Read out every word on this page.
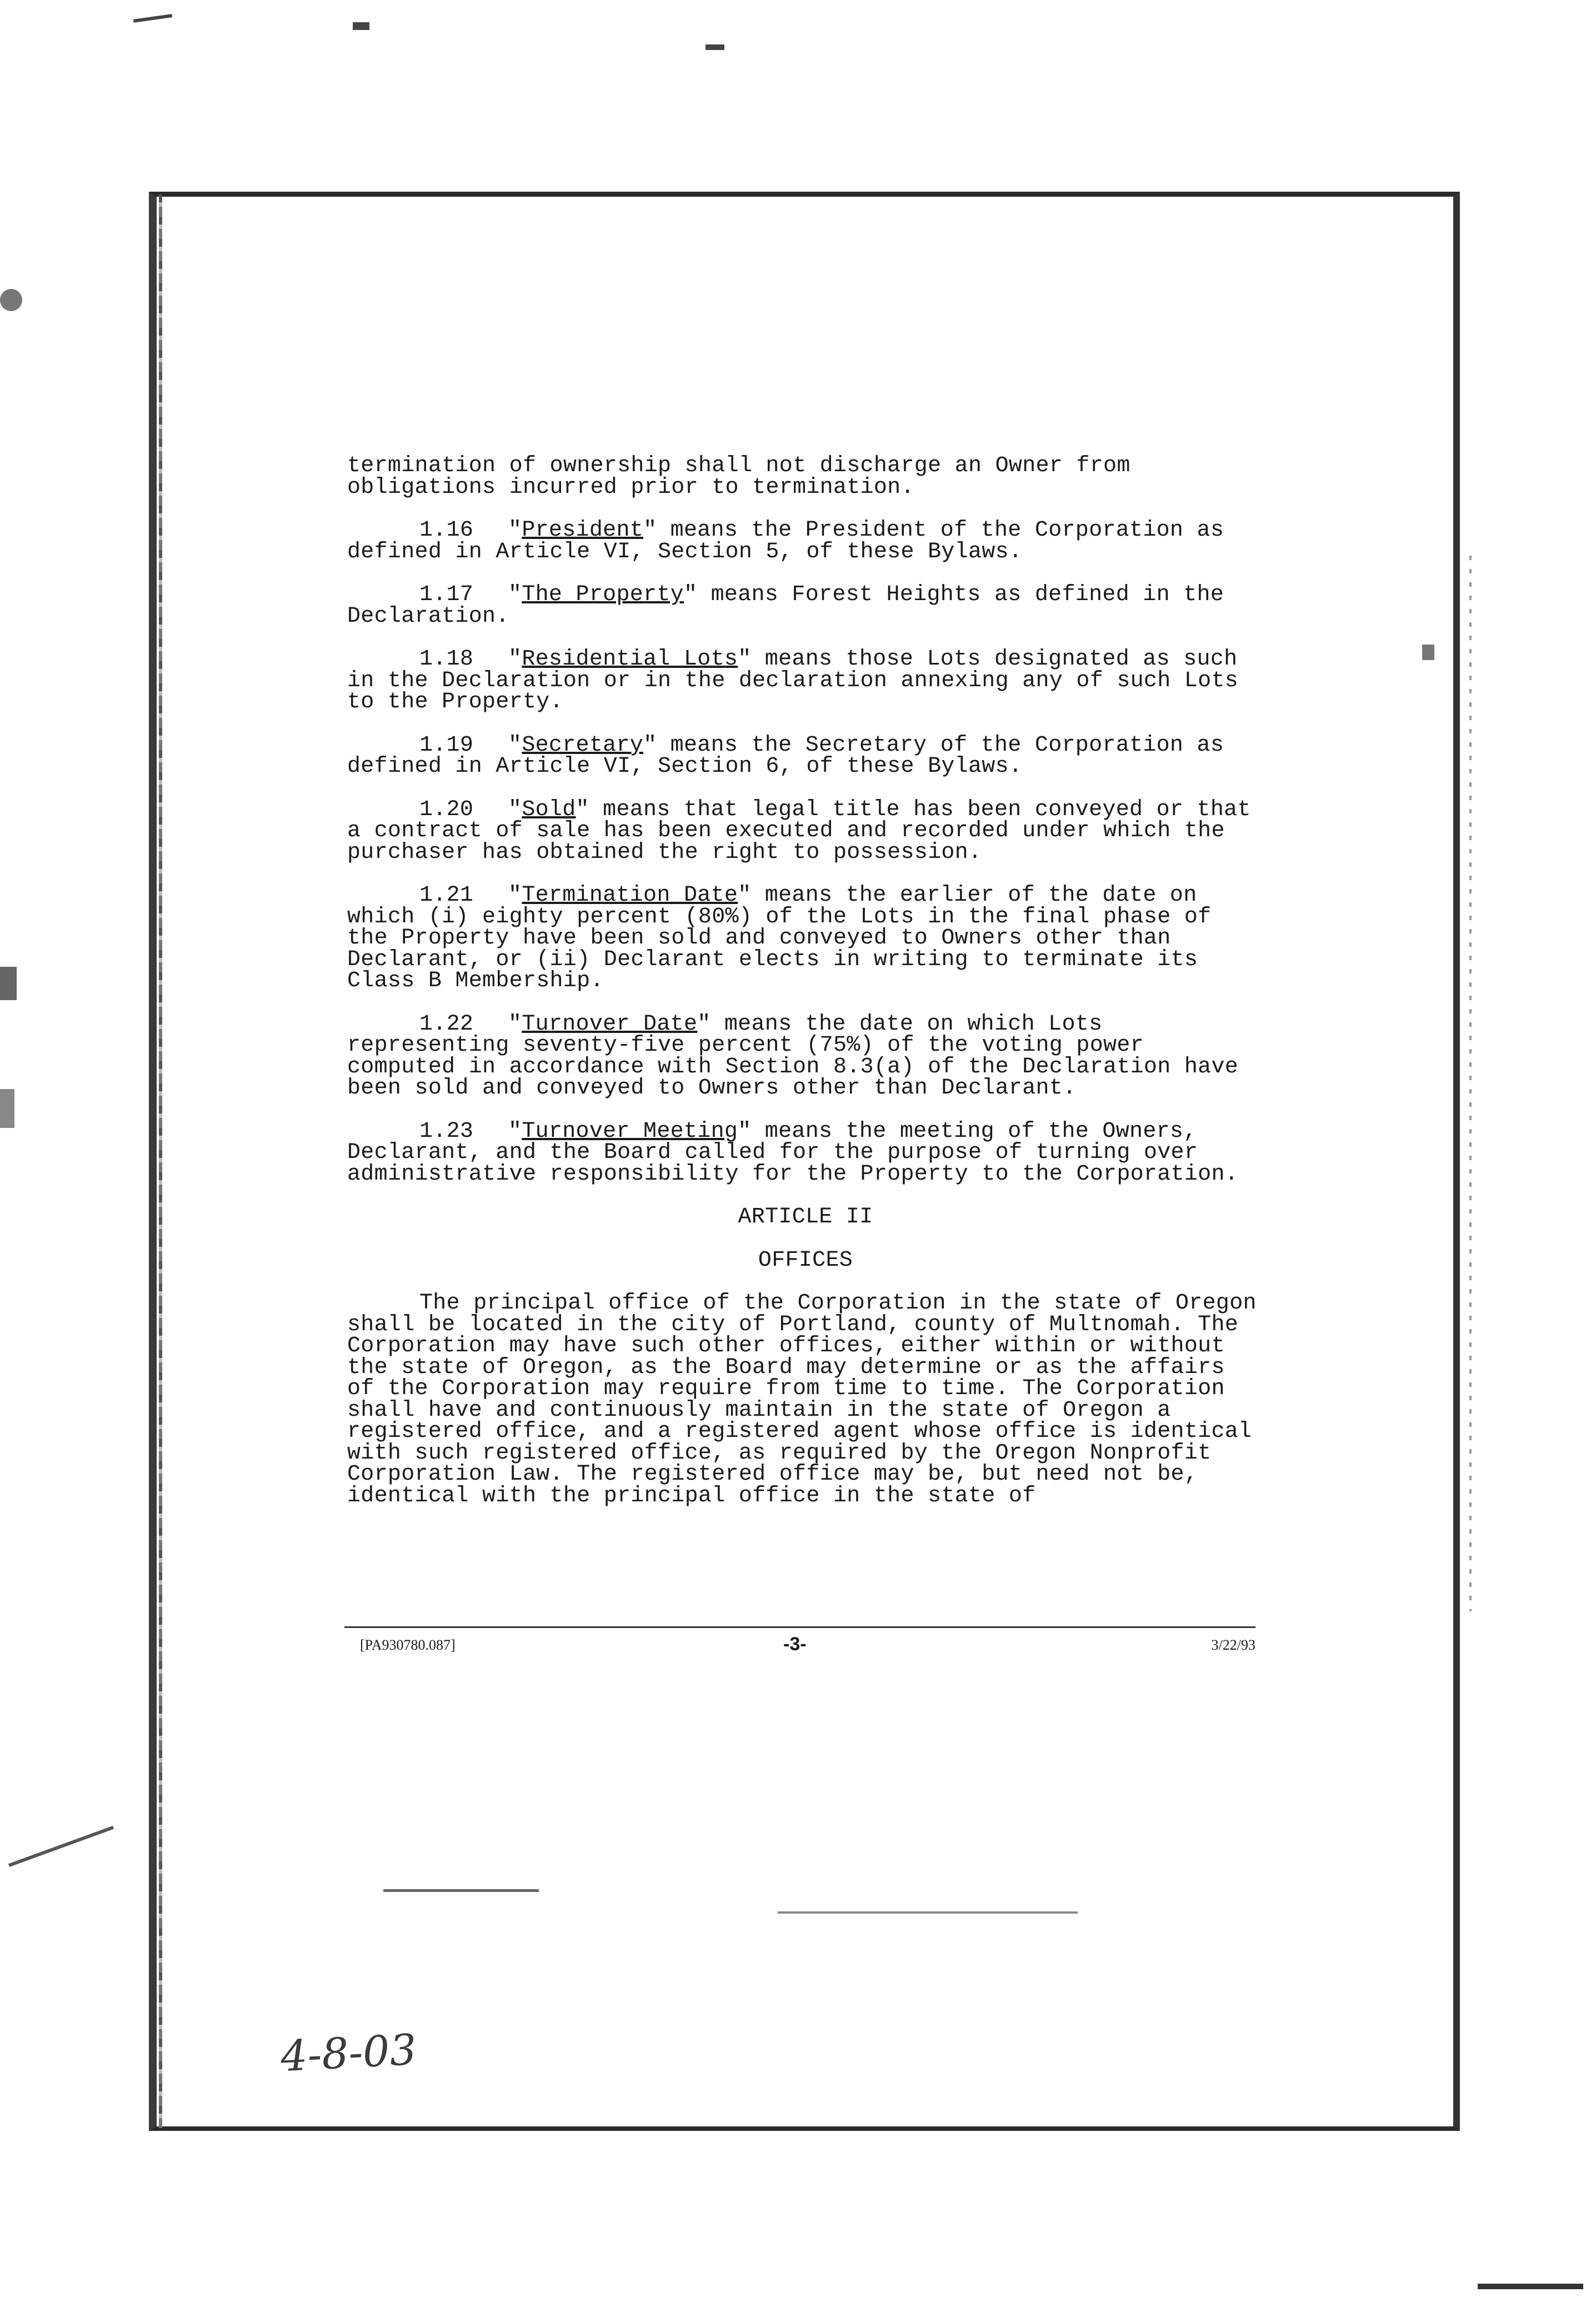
termination of ownership shall not discharge an Owner from obligations incurred prior to termination.

1.16 "President" means the President of the Corporation as defined in Article VI, Section 5, of these Bylaws.

1.17 "The Property" means Forest Heights as defined in the Declaration.

1.18 "Residential Lots" means those Lots designated as such in the Declaration or in the declaration annexing any of such Lots to the Property.

1.19 "Secretary" means the Secretary of the Corporation as defined in Article VI, Section 6, of these Bylaws.

1.20 "Sold" means that legal title has been conveyed or that a contract of sale has been executed and recorded under which the purchaser has obtained the right to possession.

1.21 "Termination Date" means the earlier of the date on which (i) eighty percent (80%) of the Lots in the final phase of the Property have been sold and conveyed to Owners other than Declarant, or (ii) Declarant elects in writing to terminate its Class B Membership.

1.22 "Turnover Date" means the date on which Lots representing seventy-five percent (75%) of the voting power computed in accordance with Section 8.3(a) of the Declaration have been sold and conveyed to Owners other than Declarant.

1.23 "Turnover Meeting" means the meeting of the Owners, Declarant, and the Board called for the purpose of turning over administrative responsibility for the Property to the Corporation.

ARTICLE II

OFFICES

The principal office of the Corporation in the state of Oregon shall be located in the city of Portland, county of Multnomah. The Corporation may have such other offices, either within or without the state of Oregon, as the Board may determine or as the affairs of the Corporation may require from time to time. The Corporation shall have and continuously maintain in the state of Oregon a registered office, and a registered agent whose office is identical with such registered office, as required by the Oregon Nonprofit Corporation Law. The registered office may be, but need not be, identical with the principal office in the state of

[PA930780.087]	-3-	3/22/93
4-8-03
